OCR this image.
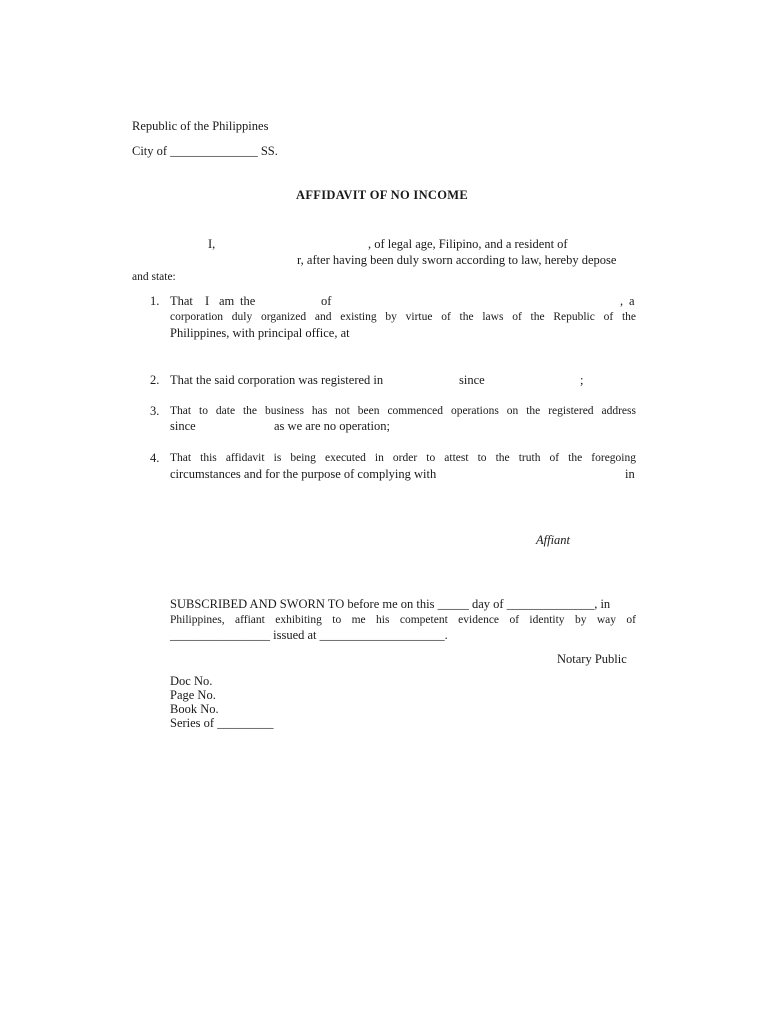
Republic of the Philippines
City of ______________ SS.
AFFIDAVIT OF NO INCOME
I,	, of legal age, Filipino, and a resident of
r, after having been duly sworn according to law, hereby depose
and state:
1. That I am the	of	, a
corporation duly organized and existing by virtue of the laws of the Republic of the
Philippines, with principal office, at
2. That the said corporation was registered in	since	;
3. That to date the business has not been commenced operations on the registered address
since	as we are no operation;
4. That this affidavit is being executed in order to attest to the truth of the foregoing
circumstances and for the purpose of complying with	in
Affiant
SUBSCRIBED AND SWORN TO before me on this _____ day of ______________, in
Philippines, affiant exhibiting to me his competent evidence of identity by way of
________________ issued at ____________________.
Notary Public
Doc No.
Page No.
Book No.
Series of _________
